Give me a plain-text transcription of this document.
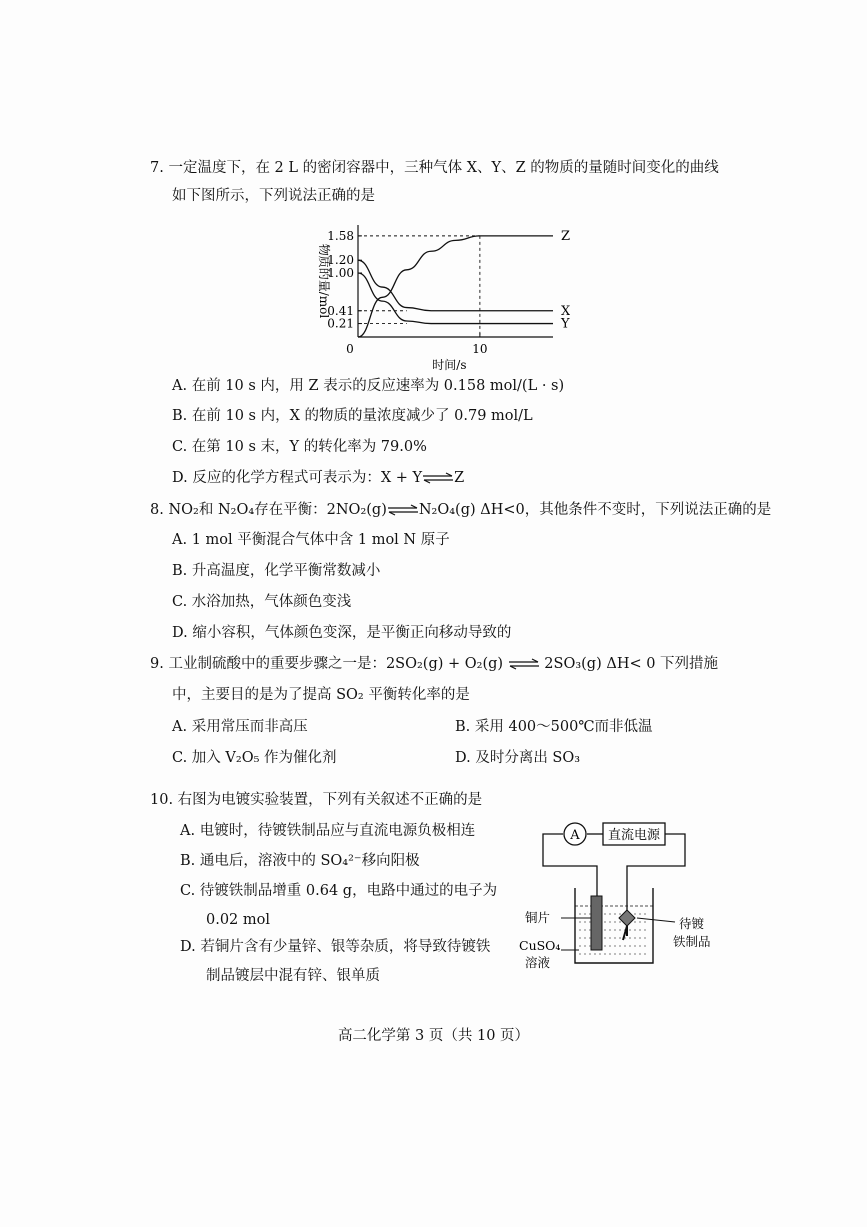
7. 一定温度下，在 2 L 的密闭容器中，三种气体 X、Y、Z 的物质的量随时间变化的曲线
如下图所示，下列说法正确的是
1.58
1.20
1.00
0.41
0.21
0	10
时间/s
物质的量/mol
Z
X
Y
A. 在前 10 s 内，用 Z 表示的反应速率为 0.158 mol/(L · s)
B. 在前 10 s 内，X 的物质的量浓度减少了 0.79 mol/L
C. 在第 10 s 末，Y 的转化率为 79.0%
D. 反应的化学方程式可表示为：X + Y⇌Z
8. NO₂和 N₂O₄存在平衡：2NO₂(g)⇌N₂O₄(g) ΔH<0，其他条件不变时，下列说法正确的是
A. 1 mol 平衡混合气体中含 1 mol N 原子
B. 升高温度，化学平衡常数减小
C. 水浴加热，气体颜色变浅
D. 缩小容积，气体颜色变深，是平衡正向移动导致的
9. 工业制硫酸中的重要步骤之一是：2SO₂(g) + O₂(g) ⇌ 2SO₃(g) ΔH< 0 下列措施
中，主要目的是为了提高 SO₂ 平衡转化率的是
A. 采用常压而非高压	B. 采用 400～500℃而非低温
C. 加入 V₂O₅ 作为催化剂	D. 及时分离出 SO₃
10. 右图为电镀实验装置，下列有关叙述不正确的是
A. 电镀时，待镀铁制品应与直流电源负极相连
B. 通电后，溶液中的 SO₄²⁻移向阳极
C. 待镀铁制品增重 0.64 g，电路中通过的电子为
0.02 mol
D. 若铜片含有少量锌、银等杂质，将导致待镀铁
制品镀层中混有锌、银单质
A 直流电源
铜片
CuSO₄
溶液
待镀
铁制品
高二化学第 3 页（共 10 页）
